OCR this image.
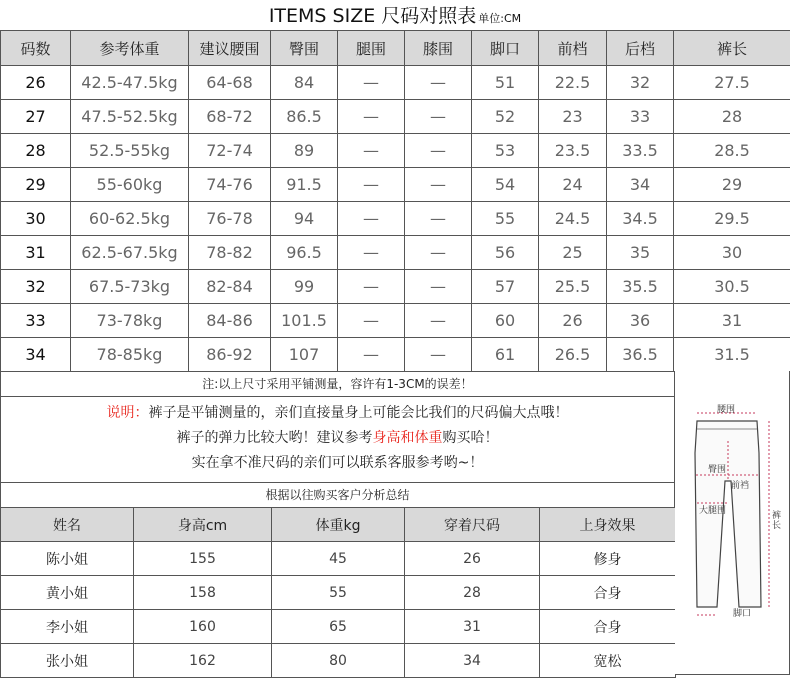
ITEMS SIZE 尺码对照表 单位:CM
码数	参考体重	建议腰围	臀围	腿围	膝围	脚口	前档	后档	裤长
26	42.5-47.5kg	64-68	84	—	—	51	22.5	32	27.5
27	47.5-52.5kg	68-72	86.5	—	—	52	23	33	28
28	52.5-55kg	72-74	89	—	—	53	23.5	33.5	28.5
29	55-60kg	74-76	91.5	—	—	54	24	34	29
30	60-62.5kg	76-78	94	—	—	55	24.5	34.5	29.5
31	62.5-67.5kg	78-82	96.5	—	—	56	25	35	30
32	67.5-73kg	82-84	99	—	—	57	25.5	35.5	30.5
33	73-78kg	84-86	101.5	—	—	60	26	36	31
34	78-85kg	86-92	107	—	—	61	26.5	36.5	31.5
注:以上尺寸采用平铺测量，容许有1-3CM的误差！
说明：裤子是平铺测量的，亲们直接量身上可能会比我们的尺码偏大点哦！
裤子的弹力比较大哟！建议参考身高和体重购买哈！
实在拿不准尺码的亲们可以联系客服参考哟~！
根据以往购买客户分析总结
姓名	身高cm	体重kg	穿着尺码	上身效果
陈小姐	155	45	26	修身
黄小姐	158	55	28	合身
李小姐	160	65	31	合身
张小姐	162	80	34	宽松
腰围
臀围
前裆
大腿围	裤长
脚口
